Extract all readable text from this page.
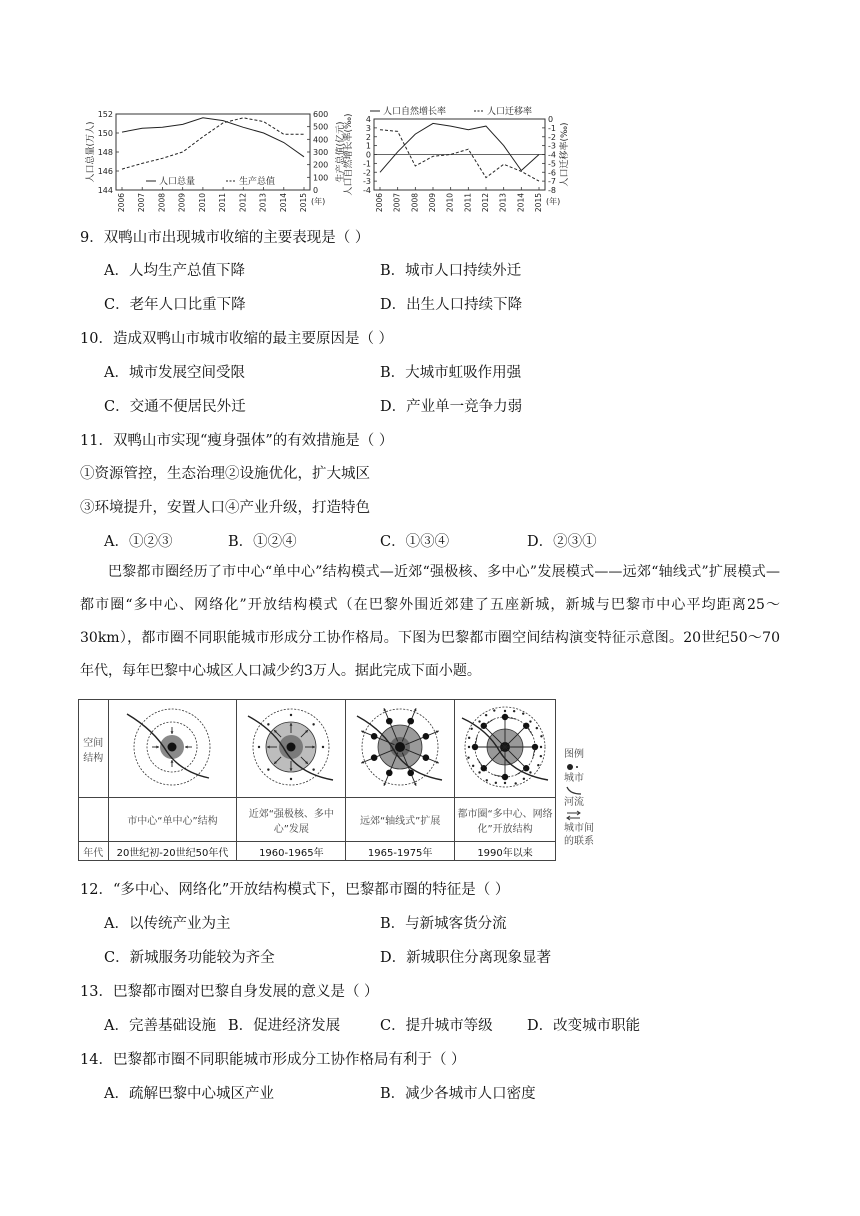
144
146
148
150
152
0
100
200
300
400
500
600
2006 2007 2008 2009 2010 2011 2012 2013 2014 2015 (年)
人口总量(万人)	生产总值(亿元)
人口总量	生产总值
-4
-3
-2
-1
0
1
2
3
4	0
-1
-2
-3
-4
-5
-6
-7
-8
2006 2007 2008 2009 2010 2011 2012 2013 2014 2015 (年)
人口自然增长率(‰)	人口迁移率(‰)
人口自然增长率	人口迁移率
9．双鸭山市出现城市收缩的主要表现是（ ）
A．人均生产总值下降	B．城市人口持续外迁
C．老年人口比重下降	D．出生人口持续下降
10．造成双鸭山市城市收缩的最主要原因是（ ）
A．城市发展空间受限	B．大城市虹吸作用强
C．交通不便居民外迁	D．产业单一竞争力弱
11．双鸭山市实现“瘦身强体”的有效措施是（ ）
①资源管控，生态治理②设施优化，扩大城区
③环境提升，安置人口④产业升级，打造特色
A．①②③	B．①②④	C．①③④	D．②③①
巴黎都市圈经历了市中心“单中心”结构模式—近郊“强极核、多中心”发展模式——远郊“轴线式”扩展模式—都市圈“多中心、网络化”开放结构模式（在巴黎外围近郊建了五座新城，新城与巴黎市中心平均距离25～30km），都市圈不同职能城市形成分工协作格局。下图为巴黎都市圈空间结构演变特征示意图。20世纪50～70年代，每年巴黎中心城区人口减少约3万人。据此完成下面小题。
空间结构				
	市中心“单中心”结构	近郊“强极核、多中心”发展	远郊“轴线式”扩展	都市圈“多中心、网络化”开放结构
年代	20世纪初-20世纪50年代	1960-1965年	1965-1975年	1990年以来
图例
城市
河流
城市间的联系
12．“多中心、网络化”开放结构模式下，巴黎都市圈的特征是（ ）
A．以传统产业为主	B．与新城客货分流
C．新城服务功能较为齐全	D．新城职住分离现象显著
13．巴黎都市圈对巴黎自身发展的意义是（ ）
A．完善基础设施 B．促进经济发展	C．提升城市等级 D．改变城市职能
14．巴黎都市圈不同职能城市形成分工协作格局有利于（ ）
A．疏解巴黎中心城区产业	B．减少各城市人口密度
